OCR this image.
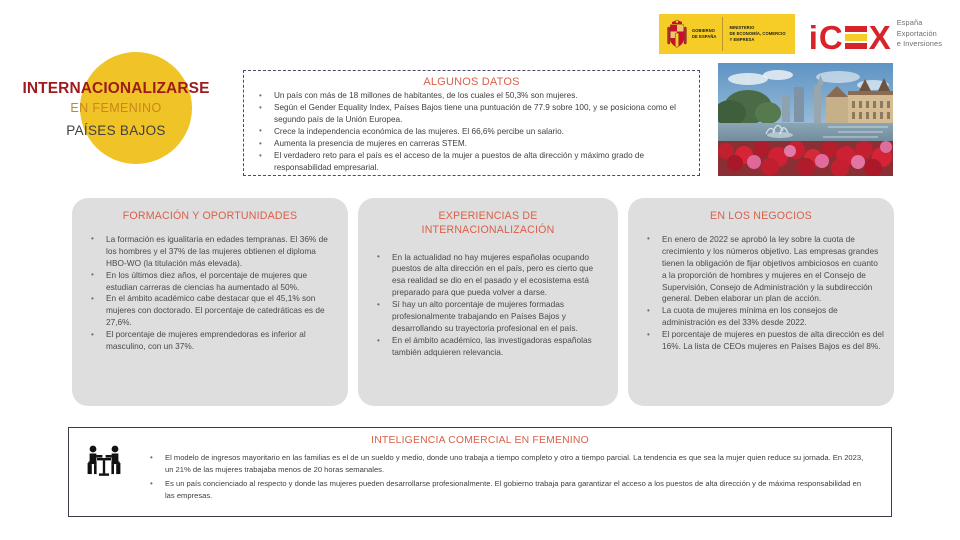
GOBIERNO
DE ESPAÑA
MINISTERIO
DE ECONOMÍA, COMERCIO
Y EMPRESA	i C X España
Exportación
e Inversiones
INTERNACIONALIZARSE
EN FEMENINO
PAÍSES BAJOS
ALGUNOS DATOS
• Un país con más de 18 millones de habitantes, de los cuales el 50,3% son mujeres.
• Según el Gender Equality Index, Países Bajos tiene una puntuación de 77.9 sobre 100, y se posiciona como el segundo país de la Unión Europea.
• Crece la independencia económica de las mujeres. El 66,6% percibe un salario.
• Aumenta la presencia de mujeres en carreras STEM.
• El verdadero reto para el país es el acceso de la mujer a puestos de alta dirección y máximo grado de responsabilidad empresarial.
FORMACIÓN Y OPORTUNIDADES
• La formación es igualitaria en edades tempranas. El 36% de los hombres y el 37% de las mujeres obtienen el diploma HBO-WO (la titulación más elevada).
• En los últimos diez años, el porcentaje de mujeres que estudian carreras de ciencias ha aumentado al 50%.
• En el ámbito académico cabe destacar que el 45,1% son mujeres con doctorado. El porcentaje de catedráticas es de 27,6%.
• El porcentaje de mujeres emprendedoras es inferior al masculino, con un 37%.
EXPERIENCIAS DE
INTERNACIONALIZACIÓN
• En la actualidad no hay mujeres españolas ocupando puestos de alta dirección en el país, pero es cierto que esa realidad se dio en el pasado y el ecosistema está preparado para que pueda volver a darse.
• Sí hay un alto porcentaje de mujeres formadas profesionalmente trabajando en Países Bajos y desarrollando su trayectoria profesional en el país.
• En el ámbito académico, las investigadoras españolas también adquieren relevancia.
EN LOS NEGOCIOS
• En enero de 2022 se aprobó la ley sobre la cuota de crecimiento y los números objetivo. Las empresas grandes tienen la obligación de fijar objetivos ambiciosos en cuanto a la proporción de hombres y mujeres en el Consejo de Supervisión, Consejo de Administración y la subdirección general. Deben elaborar un plan de acción.
• La cuota de mujeres mínima en los consejos de administración es del 33% desde 2022.
• El porcentaje de mujeres en puestos de alta dirección es del 16%. La lista de CEOs mujeres en Países Bajos es del 8%.
INTELIGENCIA COMERCIAL EN FEMENINO
• El modelo de ingresos mayoritario en las familias es el de un sueldo y medio, donde uno trabaja a tiempo completo y otro a tiempo parcial. La tendencia es que sea la mujer quien reduce su jornada. En 2023, un 21% de las mujeres trabajaba menos de 20 horas semanales.
• Es un país concienciado al respecto y donde las mujeres pueden desarrollarse profesionalmente. El gobierno trabaja para garantizar el acceso a los puestos de alta dirección y de máxima responsabilidad en las empresas.
